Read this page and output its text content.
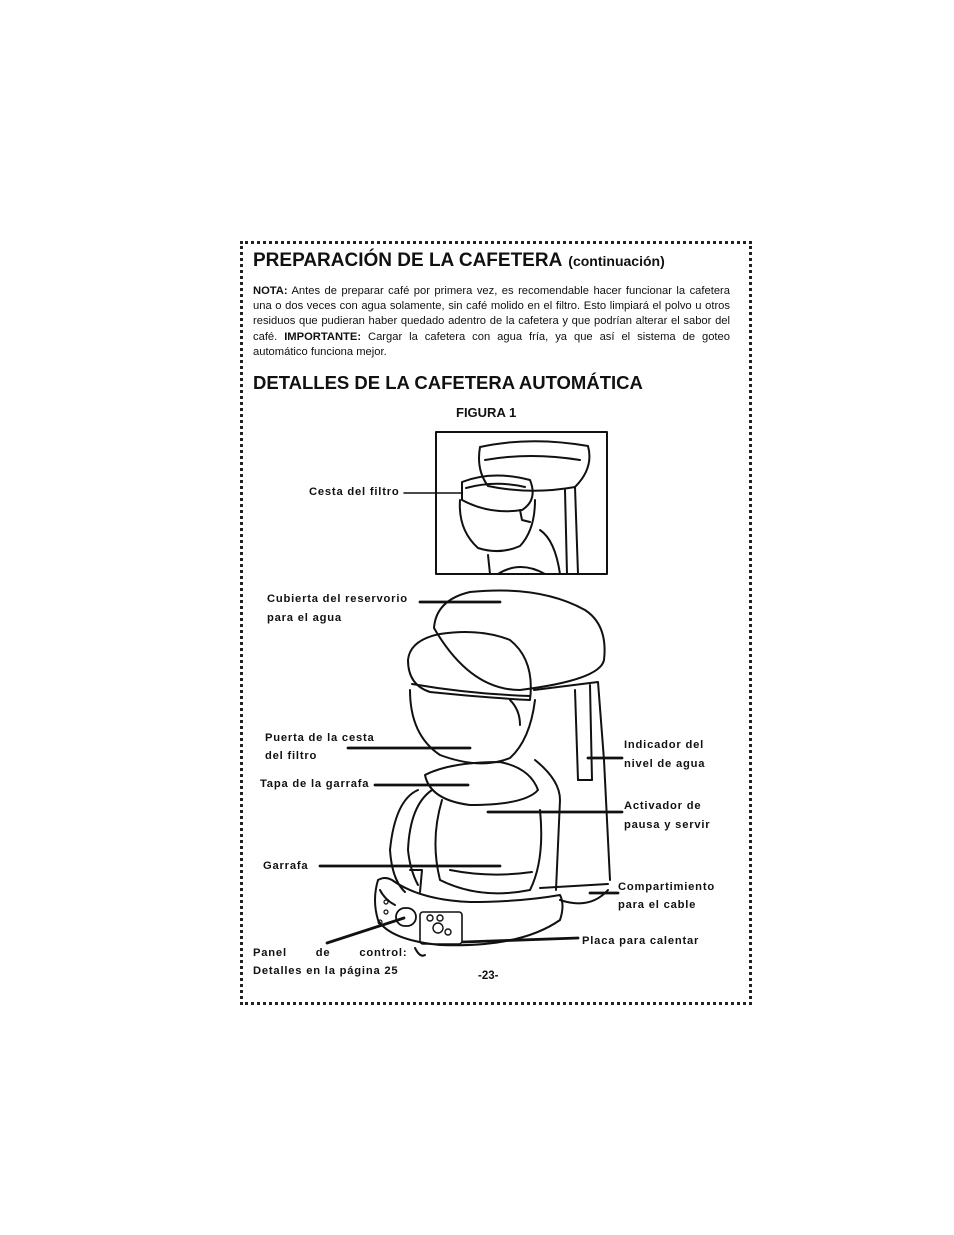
PREPARACIÓN DE LA CAFETERA (continuación)
NOTA: Antes de preparar café por primera vez, es recomendable hacer funcionar la cafetera una o dos veces con agua solamente, sin café molido en el filtro. Esto limpiará el polvo u otros residuos que pudieran haber quedado adentro de la cafetera y que podrían alterar el sabor del café. IMPORTANTE: Cargar la cafetera con agua fría, ya que así el sistema de goteo automático funciona mejor.
DETALLES DE LA CAFETERA AUTOMÁTICA
FIGURA 1
Cesta del filtro
Cubierta del reservorio
para el agua
Puerta de la cesta
del filtro
Tapa de la garrafa
Garrafa
Panel de control:
Detalles en la página 25
Indicador del
nivel de agua
Activador de
pausa y servir
Compartimiento
para el cable
Placa para calentar
-23-
